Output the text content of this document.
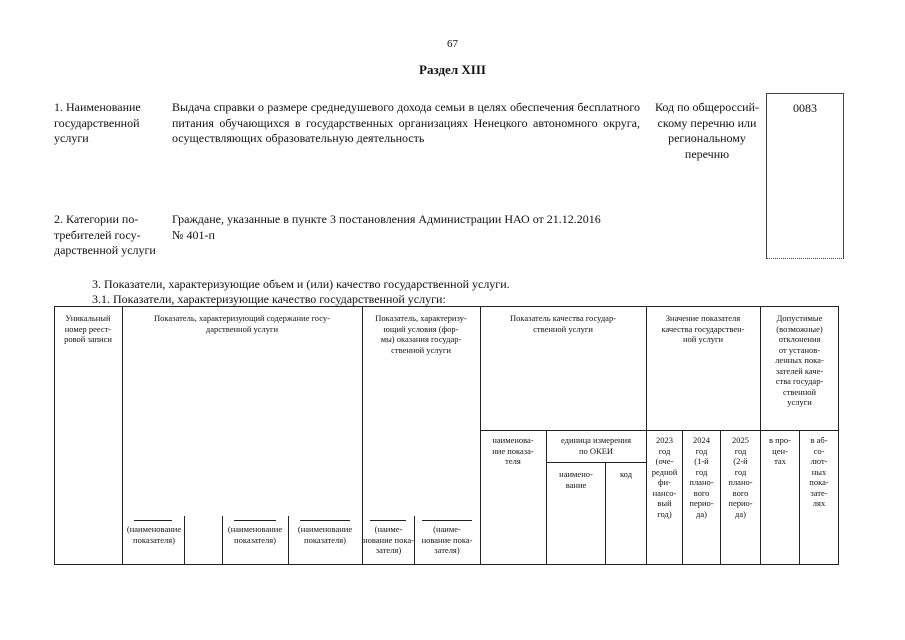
67
Раздел XIII
1. Наименование
государственной
услуги
Выдача справки о размере среднедушевого дохода семьи в целях обеспечения бесплатного питания обучающихся в государственных организациях Ненецкого автономного округа, осуществляющих образовательную деятельность
Код по общероссий-
скому перечню или
региональному
перечню
0083
2. Категории по-
требителей госу-
дарственной услуги
Граждане, указанные в пункте 3 постановления Администрации НАО от 21.12.2016
№ 401-п
3. Показатели, характеризующие объем и (или) качество государственной услуги.
3.1. Показатели, характеризующие качество государственной услуги:
Уникальный
номер реест-
ровой записи
Показатель, характеризующий содержание госу-
дарственной услуги
Показатель, характеризу-
ющий условия (фор-
мы) оказания государ-
ственной услуги
Показатель качества государ-
ственной услуги
Значение показателя
качества государствен-
ной услуги
Допустимые
(возможные)
отклонения
от установ-
ленных пока-
зателей каче-
ства государ-
ственной
услуги
наименова-
ние показа-
теля
единица измерения
по ОКЕИ
наимено-
вание
код
2023
год
(оче-
редной
фи-
нансо-
вый
год)
2024
год
(1-й
год
плано-
вого
перио-
да)
2025
год
(2-й
год
плано-
вого
перио-
да)
в про-
цен-
тах
в аб-
со-
лют-
ных
пока-
зате-
лях
(наименование
показателя)
(наименование
показателя)
(наименование
показателя)
(наиме-
нование пока-
зателя)
(наиме-
нование пока-
зателя)
